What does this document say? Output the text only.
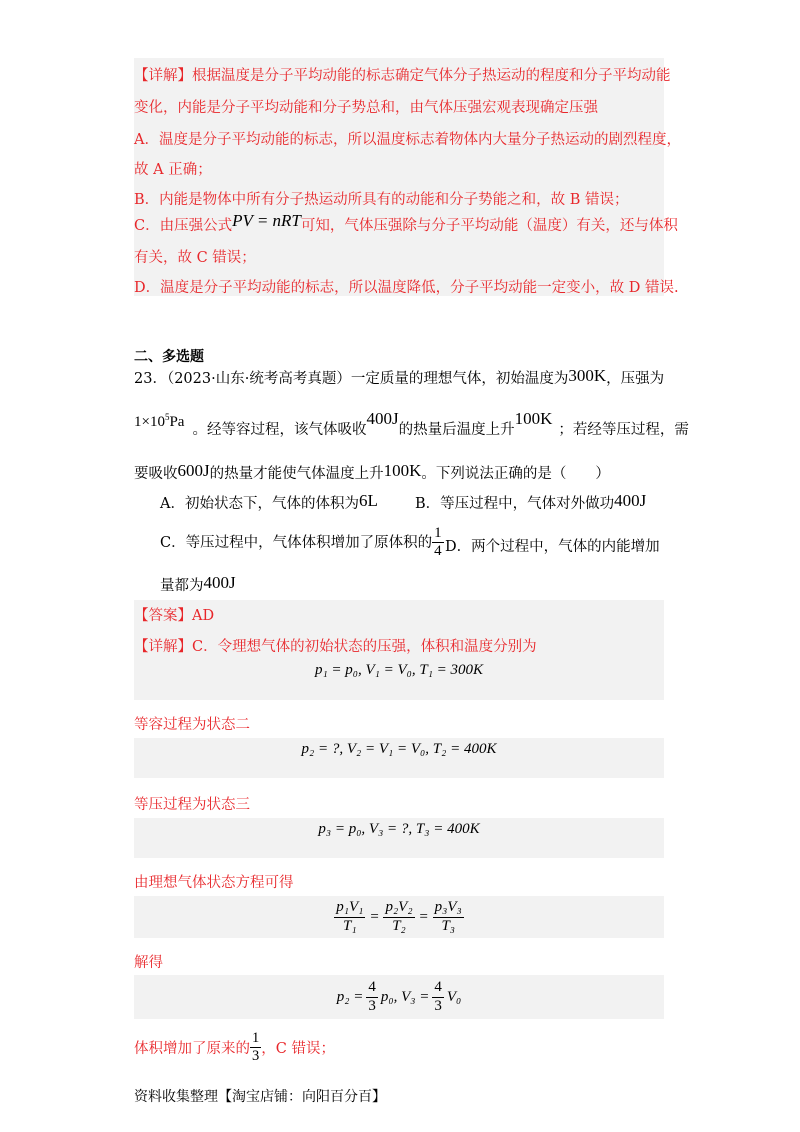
【详解】根据温度是分子平均动能的标志确定气体分子热运动的程度和分子平均动能
变化，内能是分子平均动能和分子势总和，由气体压强宏观表现确定压强
A．温度是分子平均动能的标志，所以温度标志着物体内大量分子热运动的剧烈程度，
故 A 正确；
B．内能是物体中所有分子热运动所具有的动能和分子势能之和，故 B 错误；
C．由压强公式PV = nRT可知，气体压强除与分子平均动能（温度）有关，还与体积
有关，故 C 错误；
D．温度是分子平均动能的标志，所以温度降低，分子平均动能一定变小，故 D 错误.
二、多选题
23．（2023·山东·统考高考真题）一定质量的理想气体，初始温度为300K，压强为
$1\times 10^5Pa$ 。经等容过程，该气体吸收400J的热量后温度上升100K；若经等压过程，需
要吸收600J的热量才能使气体温度上升100K。下列说法正确的是（　　）
A．初始状态下，气体的体积为6L	B．等压过程中，气体对外做功400J
C．等压过程中，气体体积增加了原体积的 $\frac{1}{4}$ D．两个过程中，气体的内能增加
量都为400J
【答案】AD
【详解】C．令理想气体的初始状态的压强，体积和温度分别为
p₁ = p₀, V₁ = V₀, T₁ = 300K
等容过程为状态二
p₂ = ?, V₂ = V₁ = V₀, T₂ = 400K
等压过程为状态三
p₃ = p₀, V₃ = ?, T₃ = 400K
由理想气体状态方程可得
$\frac{\text{p₁V₁}}{\text{T₁}} = \frac{\text{p₂V₂}}{\text{T₂}} = \frac{\text{p₃V₃}}{\text{T₃}}$
解得
$p_2 = \frac{4}{3} p_0$, $V_3 = \frac{4}{3} V_0$
体积增加了原来的 $\frac{1}{3}$ ，C 错误；
资料收集整理【淘宝店铺：向阳百分百】
